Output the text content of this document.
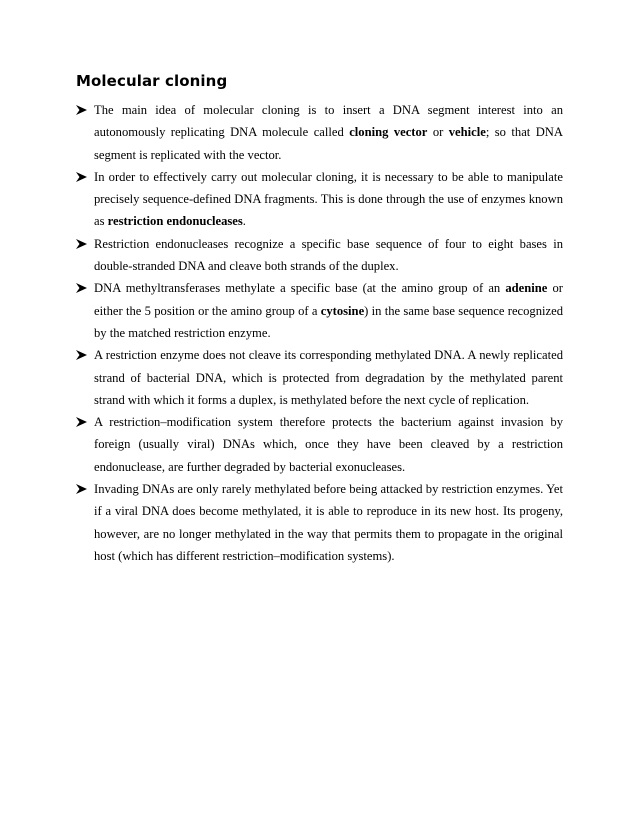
Molecular cloning
The main idea of molecular cloning is to insert a DNA segment interest into an autonomously replicating DNA molecule called cloning vector or vehicle; so that DNA segment is replicated with the vector.
In order to effectively carry out molecular cloning, it is necessary to be able to manipulate precisely sequence-defined DNA fragments. This is done through the use of enzymes known as restriction endonucleases.
Restriction endonucleases recognize a specific base sequence of four to eight bases in double-stranded DNA and cleave both strands of the duplex.
DNA methyltransferases methylate a specific base (at the amino group of an adenine or either the 5 position or the amino group of a cytosine) in the same base sequence recognized by the matched restriction enzyme.
A restriction enzyme does not cleave its corresponding methylated DNA. A newly replicated strand of bacterial DNA, which is protected from degradation by the methylated parent strand with which it forms a duplex, is methylated before the next cycle of replication.
A restriction–modification system therefore protects the bacterium against invasion by foreign (usually viral) DNAs which, once they have been cleaved by a restriction endonuclease, are further degraded by bacterial exonucleases.
Invading DNAs are only rarely methylated before being attacked by restriction enzymes. Yet if a viral DNA does become methylated, it is able to reproduce in its new host. Its progeny, however, are no longer methylated in the way that permits them to propagate in the original host (which has different restriction–modification systems).
